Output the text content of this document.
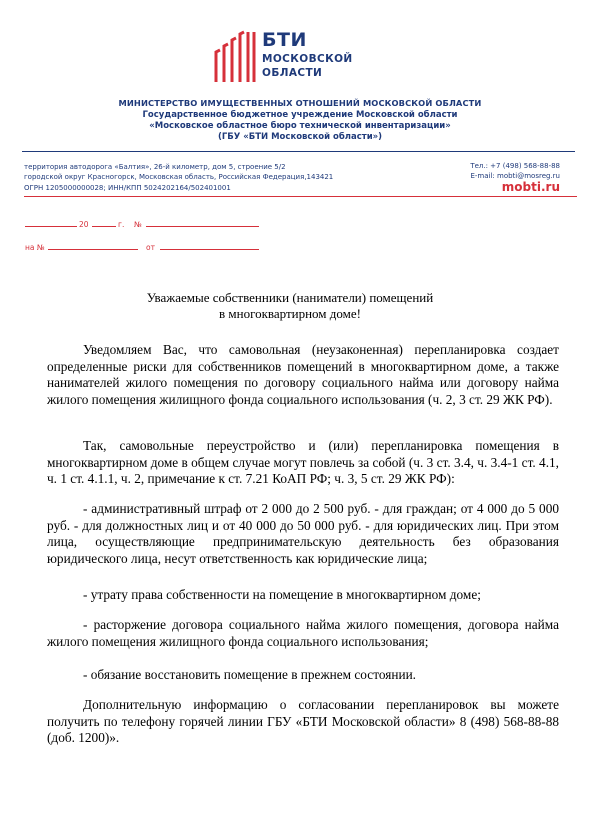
БТИ
МОСКОВСКОЙ
ОБЛАСТИ
МИНИСТЕРСТВО ИМУЩЕСТВЕННЫХ ОТНОШЕНИЙ МОСКОВСКОЙ ОБЛАСТИ
Государственное бюджетное учреждение Московской области
«Московское областное бюро технической инвентаризации»
(ГБУ «БТИ Московской области»)
территория автодорога «Балтия», 26-й километр, дом 5, строение 5/2
городской округ Красногорск, Московская область, Российская Федерация,143421
ОГРН 1205000000028; ИНН/КПП 5024202164/502401001
Тел.: +7 (498) 568-88-88
E-mail: mobti@mosreg.ru
mobti.ru
20	г. №
на №	от
Уважаемые собственники (наниматели) помещений
в многоквартирном доме!

Уведомляем Вас, что самовольная (неузаконенная) перепланировка создает определенные риски для собственников помещений в многоквартирном доме, а также нанимателей жилого помещения по договору социального найма или договору найма жилого помещения жилищного фонда социального использования (ч. 2, 3 ст. 29 ЖК РФ).

Так, самовольные переустройство и (или) перепланировка помещения в многоквартирном доме в общем случае могут повлечь за собой (ч. 3 ст. 3.4, ч. 3.4-1 ст. 4.1, ч. 1 ст. 4.1.1, ч. 2, примечание к ст. 7.21 КоАП РФ; ч. 3, 5 ст. 29 ЖК РФ):

- административный штраф от 2 000 до 2 500 руб. - для граждан; от 4 000 до 5 000 руб. - для должностных лиц и от 40 000 до 50 000 руб. - для юридических лиц. При этом лица, осуществляющие предпринимательскую деятельность без образования юридического лица, несут ответственность как юридические лица;

- утрату права собственности на помещение в многоквартирном доме;

- расторжение договора социального найма жилого помещения, договора найма жилого помещения жилищного фонда социального использования;

- обязание восстановить помещение в прежнем состоянии.

Дополнительную информацию о согласовании перепланировок вы можете получить по телефону горячей линии ГБУ «БТИ Московской области» 8 (498) 568-88-88 (доб. 1200)».
